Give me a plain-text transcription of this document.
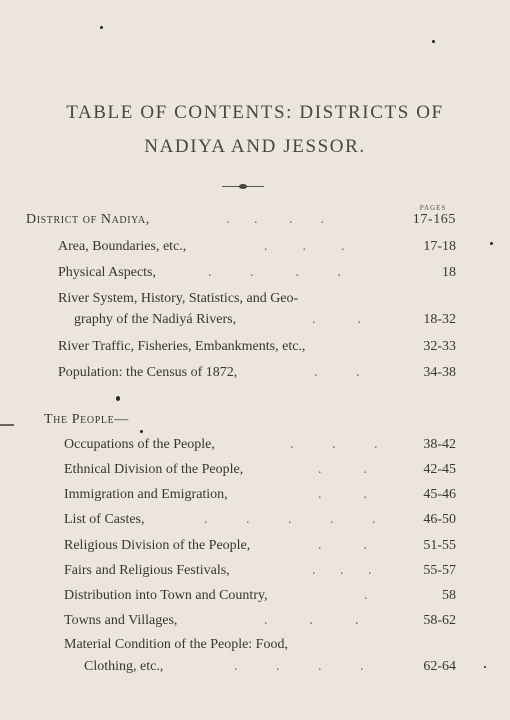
TABLE OF CONTENTS: DISTRICTS OF
NADIYA AND JESSOR.
PAGES
District of Nadiya,	.       .         .        .	17-165
Area, Boundaries, etc.,	.          .          .	17-18
Physical Aspects,	.           .            .           .	18
River System, History, Statistics, and Geo-
graphy of the Nadiyá Rivers,	.            .	18-32
River Traffic, Fisheries, Embankments, etc.,	32-33
Population: the Census of 1872,	.           .	34-38
The People—
Occupations of the People,	.           .           .	38-42
Ethnical Division of the People,	.            .	42-45
Immigration and Emigration,	.            .	45-46
List of Castes,	.           .           .           .           .	46-50
Religious Division of the People,	.            .	51-55
Fairs and Religious Festivals,	.       .       .	55-57
Distribution into Town and Country,	.	58
Towns and Villages,	.            .            .	58-62
Material Condition of the People: Food,
Clothing, etc.,	.           .           .           .	62-64
